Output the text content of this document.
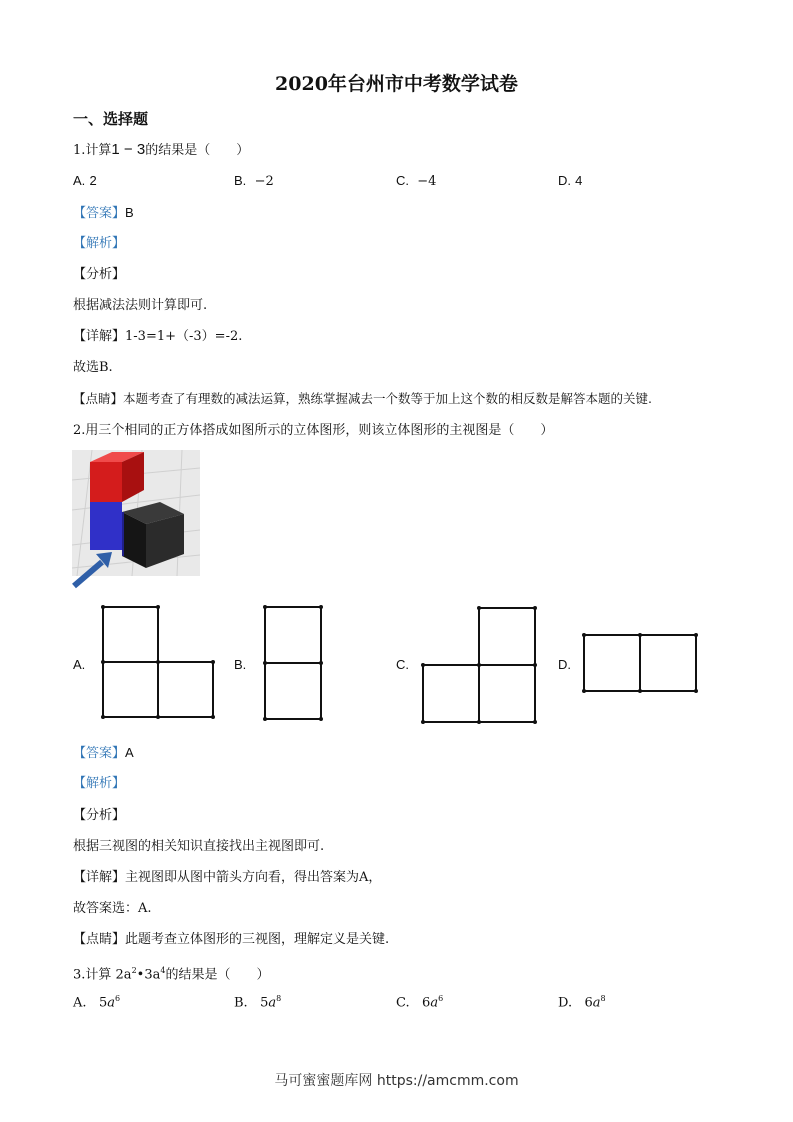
2020年台州市中考数学试卷
一、选择题
1.计算1 − 3的结果是（　　）
A. 2	B. −2	C. −4	D. 4
【答案】B
【解析】
【分析】
根据减法法则计算即可.
【详解】1-3=1+（-3）=-2.
故选B.
【点睛】本题考查了有理数的减法运算，熟练掌握减去一个数等于加上这个数的相反数是解答本题的关键.
2.用三个相同的正方体搭成如图所示的立体图形，则该立体图形的主视图是（　　）
A.	B.	C.	D.
【答案】A
【解析】
【分析】
根据三视图的相关知识直接找出主视图即可.
【详解】主视图即从图中箭头方向看，得出答案为A，
故答案选：A.
【点睛】此题考查立体图形的三视图，理解定义是关键.
3.计算 $2a^2•3a^4$的结果是（　　）
A. $5a^6$	B. $5a^8$	C. $6a^6$	D. $6a^8$
马可蜜蜜题库网 https://amcmm.com
